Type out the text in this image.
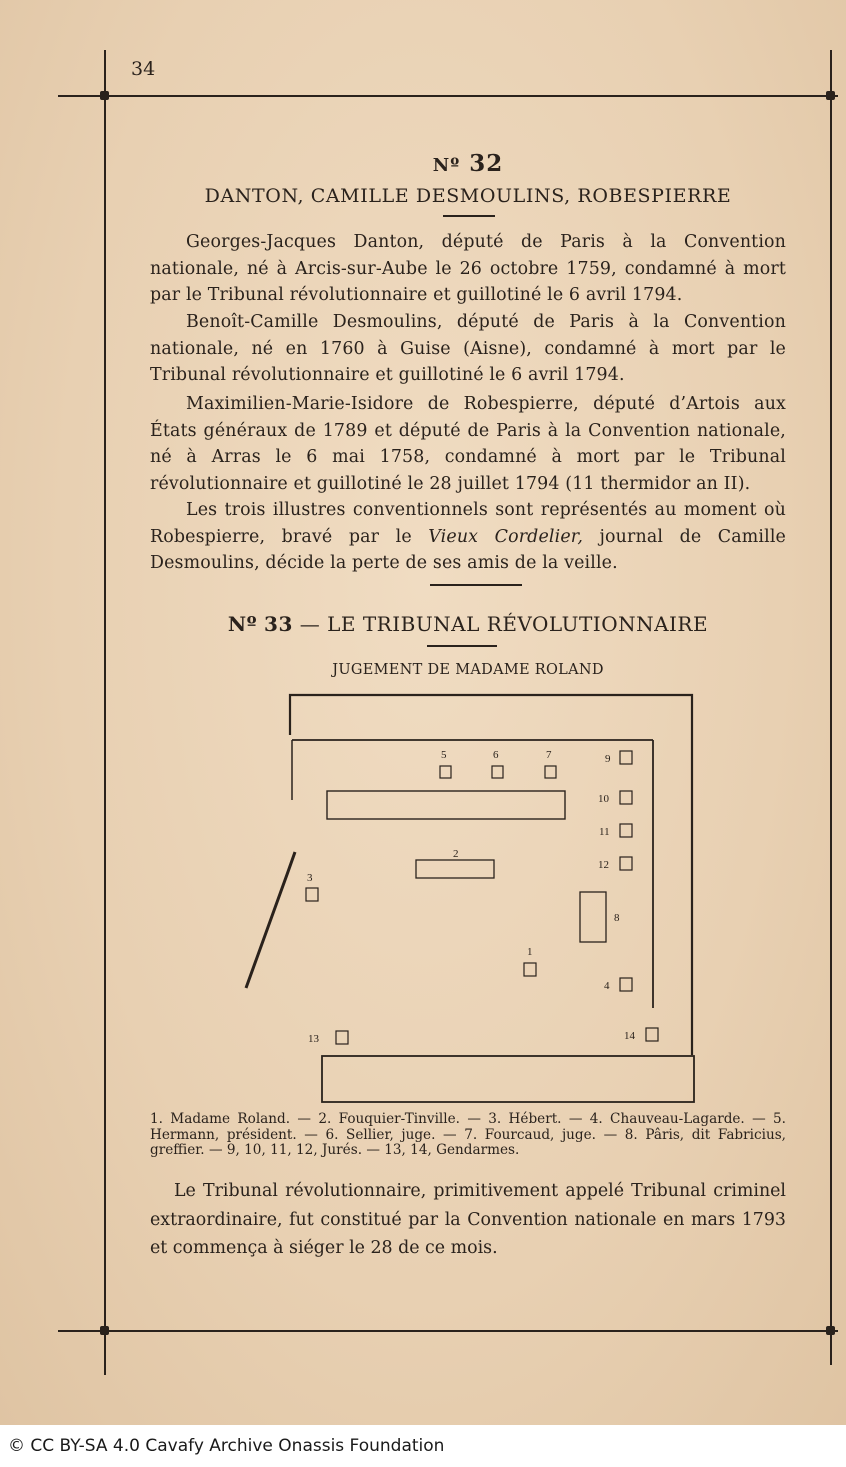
34
Nº 32
DANTON, CAMILLE DESMOULINS, ROBESPIERRE

Georges-Jacques Danton, député de Paris à la Convention nationale, né à Arcis-sur-Aube le 26 octobre 1759, condamné à mort par le Tribunal révolutionnaire et guillotiné le 6 avril 1794.

Benoît-Camille Desmoulins, député de Paris à la Convention nationale, né en 1760 à Guise (Aisne), condamné à mort par le Tribunal révolutionnaire et guillotiné le 6 avril 1794.

Maximilien-Marie-Isidore de Robespierre, député d’Artois aux États généraux de 1789 et député de Paris à la Convention nationale, né à Arras le 6 mai 1758, condamné à mort par le Tribunal révolutionnaire et guillotiné le 28 juillet 1794 (11 thermidor an II).

Les trois illustres conventionnels sont représentés au moment où Robespierre, bravé par le Vieux Cordelier, journal de Camille Desmoulins, décide la perte de ses amis de la veille.

Nº 33 — LE TRIBUNAL RÉVOLUTIONNAIRE
JUGEMENT DE MADAME ROLAND
5	6	7	9
10
11
12
2
3
8
1
4
13	14

1. Madame Roland. — 2. Fouquier-Tinville. — 3. Hébert. — 4. Chauveau-Lagarde. — 5. Hermann, président. — 6. Sellier, juge. — 7. Fourcaud, juge. — 8. Pâris, dit Fabricius, greffier. — 9, 10, 11, 12, Jurés. — 13, 14, Gendarmes.

Le Tribunal révolutionnaire, primitivement appelé Tribunal criminel extraordinaire, fut constitué par la Convention nationale en mars 1793 et commença à siéger le 28 de ce mois.

© CC BY-SA 4.0 Cavafy Archive Onassis Foundation
